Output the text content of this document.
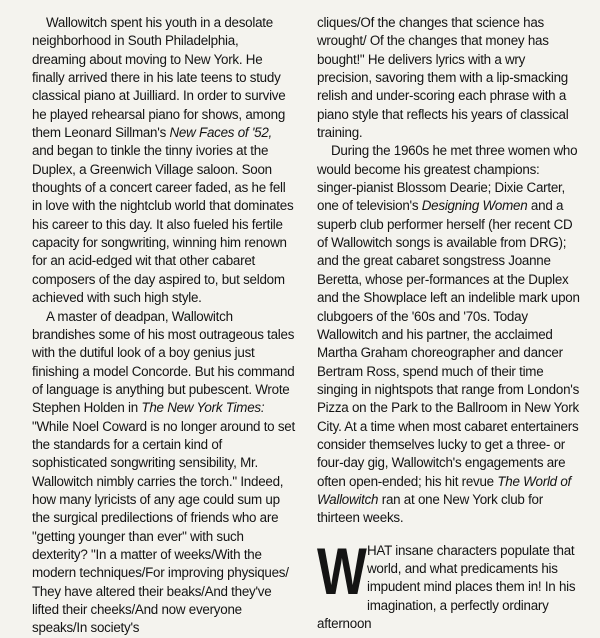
Wallowitch spent his youth in a desolate neighborhood in South Philadelphia, dreaming about moving to New York. He finally arrived there in his late teens to study classical piano at Juilliard. In order to survive he played rehearsal piano for shows, among them Leonard Sillman's New Faces of '52, and began to tinkle the tinny ivories at the Duplex, a Greenwich Village saloon. Soon thoughts of a concert career faded, as he fell in love with the nightclub world that dominates his career to this day. It also fueled his fertile capacity for songwriting, winning him renown for an acid-edged wit that other cabaret composers of the day aspired to, but seldom achieved with such high style.

A master of deadpan, Wallowitch brandishes some of his most outrageous tales with the dutiful look of a boy genius just finishing a model Concorde. But his command of language is anything but pubescent. Wrote Stephen Holden in The New York Times: "While Noel Coward is no longer around to set the standards for a certain kind of sophisticated songwriting sensibility, Mr. Wallowitch nimbly carries the torch." Indeed, how many lyricists of any age could sum up the surgical predilections of friends who are "getting younger than ever" with such dexterity? "In a matter of weeks/With the modern techniques/For improving physiques/ They have altered their beaks/And they've lifted their cheeks/And now everyone speaks/In society's

cliques/Of the changes that science has wrought/ Of the changes that money has bought!" He delivers lyrics with a wry precision, savoring them with a lip-smacking relish and under-scoring each phrase with a piano style that reflects his years of classical training.

During the 1960s he met three women who would become his greatest champions: singer-pianist Blossom Dearie; Dixie Carter, one of television's Designing Women and a superb club performer herself (her recent CD of Wallowitch songs is available from DRG); and the great cabaret songstress Joanne Beretta, whose per-formances at the Duplex and the Showplace left an indelible mark upon clubgoers of the '60s and '70s. Today Wallowitch and his partner, the acclaimed Martha Graham choreographer and dancer Bertram Ross, spend much of their time singing in nightspots that range from London's Pizza on the Park to the Ballroom in New York City. At a time when most cabaret entertainers consider themselves lucky to get a three- or four-day gig, Wallowitch's engagements are often open-ended; his hit revue The World of Wallowitch ran at one New York club for thirteen weeks.

W HAT insane characters populate that world, and what predicaments his impudent mind places them in! In his imagination, a perfectly ordinary afternoon
